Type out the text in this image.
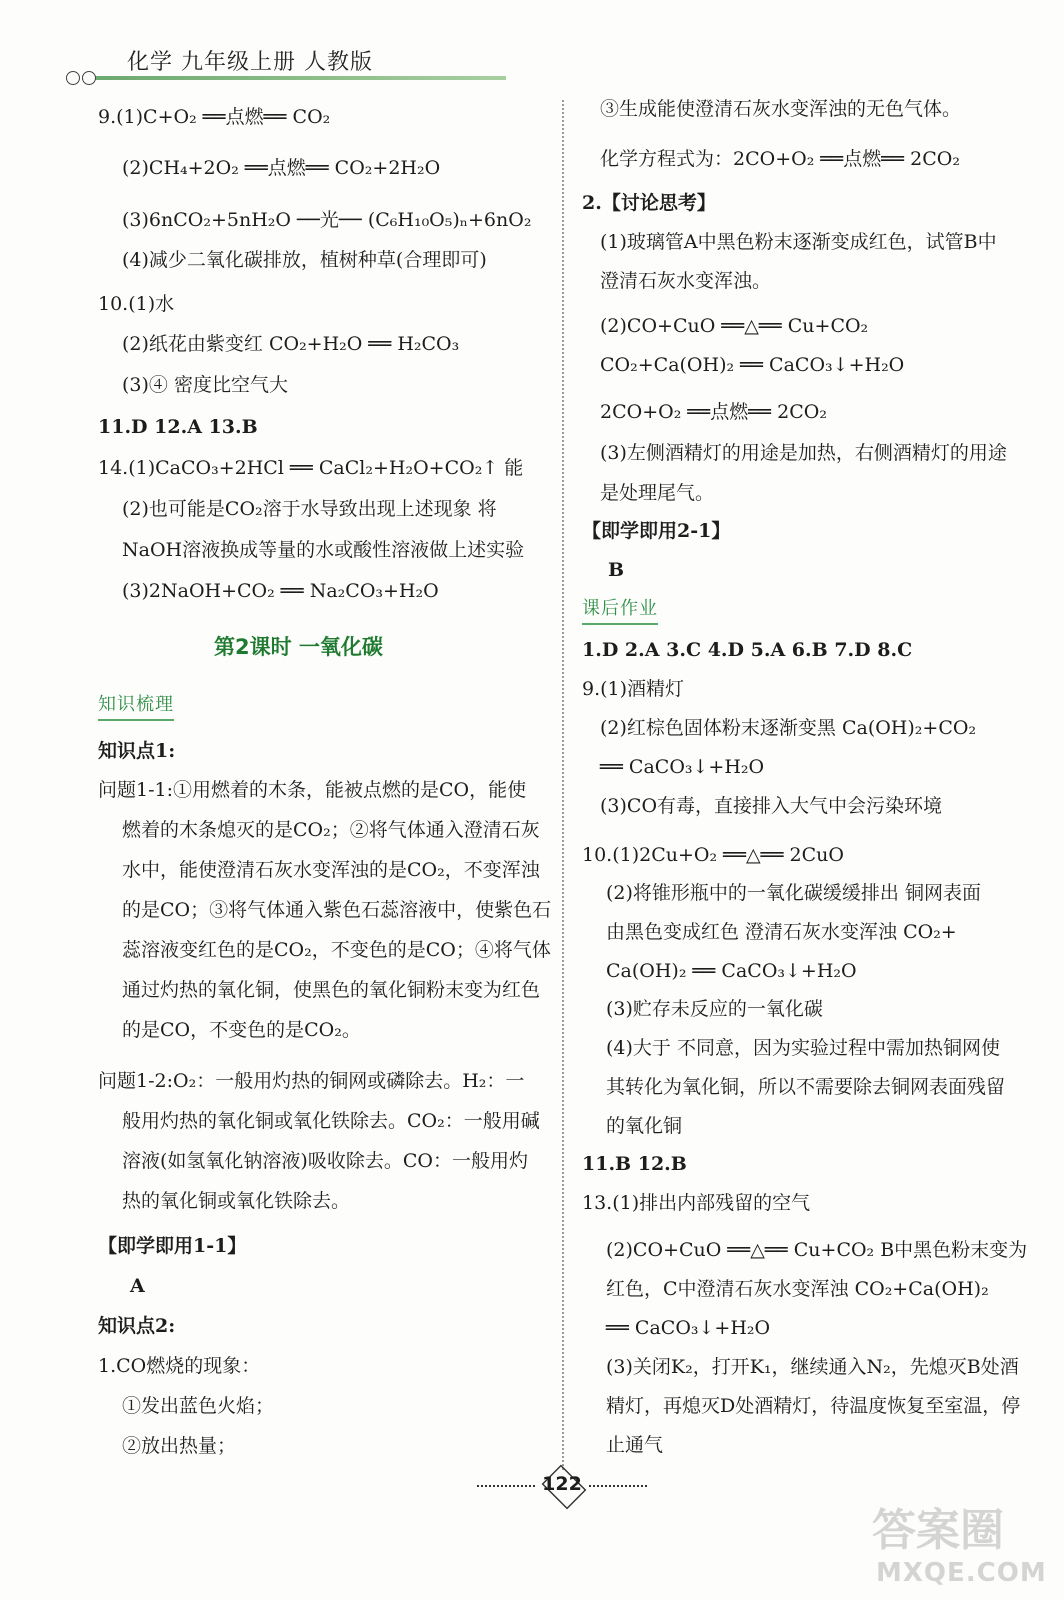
化学 九年级上册 人教版
9.(1)C+O₂ ══点燃══ CO₂
(2)CH₄+2O₂ ══点燃══ CO₂+2H₂O
(3)6nCO₂+5nH₂O ──光── (C₆H₁₀O₅)ₙ+6nO₂
(4)减少二氧化碳排放，植树种草(合理即可)
10.(1)水
(2)纸花由紫变红 CO₂+H₂O ══ H₂CO₃
(3)④ 密度比空气大
11.D 12.A 13.B
14.(1)CaCO₃+2HCl ══ CaCl₂+H₂O+CO₂↑ 能
(2)也可能是CO₂溶于水导致出现上述现象 将
NaOH溶液换成等量的水或酸性溶液做上述实验
(3)2NaOH+CO₂ ══ Na₂CO₃+H₂O
第2课时 一氧化碳
知识梳理
知识点1:
问题1-1:①用燃着的木条，能被点燃的是CO，能使
燃着的木条熄灭的是CO₂；②将气体通入澄清石灰
水中，能使澄清石灰水变浑浊的是CO₂，不变浑浊
的是CO；③将气体通入紫色石蕊溶液中，使紫色石
蕊溶液变红色的是CO₂，不变色的是CO；④将气体
通过灼热的氧化铜，使黑色的氧化铜粉末变为红色
的是CO，不变色的是CO₂。
问题1-2:O₂：一般用灼热的铜网或磷除去。H₂：一
般用灼热的氧化铜或氧化铁除去。CO₂：一般用碱
溶液(如氢氧化钠溶液)吸收除去。CO：一般用灼
热的氧化铜或氧化铁除去。
【即学即用1-1】
A
知识点2:
1.CO燃烧的现象：
①发出蓝色火焰；
②放出热量；
③生成能使澄清石灰水变浑浊的无色气体。
化学方程式为：2CO+O₂ ══点燃══ 2CO₂
2.【讨论思考】
(1)玻璃管A中黑色粉末逐渐变成红色，试管B中
澄清石灰水变浑浊。
(2)CO+CuO ══△══ Cu+CO₂
CO₂+Ca(OH)₂ ══ CaCO₃↓+H₂O
2CO+O₂ ══点燃══ 2CO₂
(3)左侧酒精灯的用途是加热，右侧酒精灯的用途
是处理尾气。
【即学即用2-1】
B
课后作业
1.D 2.A 3.C 4.D 5.A 6.B 7.D 8.C
9.(1)酒精灯
(2)红棕色固体粉末逐渐变黑 Ca(OH)₂+CO₂
══ CaCO₃↓+H₂O
(3)CO有毒，直接排入大气中会污染环境
10.(1)2Cu+O₂ ══△══ 2CuO
(2)将锥形瓶中的一氧化碳缓缓排出 铜网表面
由黑色变成红色 澄清石灰水变浑浊 CO₂+
Ca(OH)₂ ══ CaCO₃↓+H₂O
(3)贮存未反应的一氧化碳
(4)大于 不同意，因为实验过程中需加热铜网使
其转化为氧化铜，所以不需要除去铜网表面残留
的氧化铜
11.B 12.B
13.(1)排出内部残留的空气
(2)CO+CuO ══△══ Cu+CO₂ B中黑色粉末变为
红色，C中澄清石灰水变浑浊 CO₂+Ca(OH)₂
══ CaCO₃↓+H₂O
(3)关闭K₂，打开K₁，继续通入N₂，先熄灭B处酒
精灯，再熄灭D处酒精灯，待温度恢复至室温，停
止通气
122
答案圈
MXQE.COM
